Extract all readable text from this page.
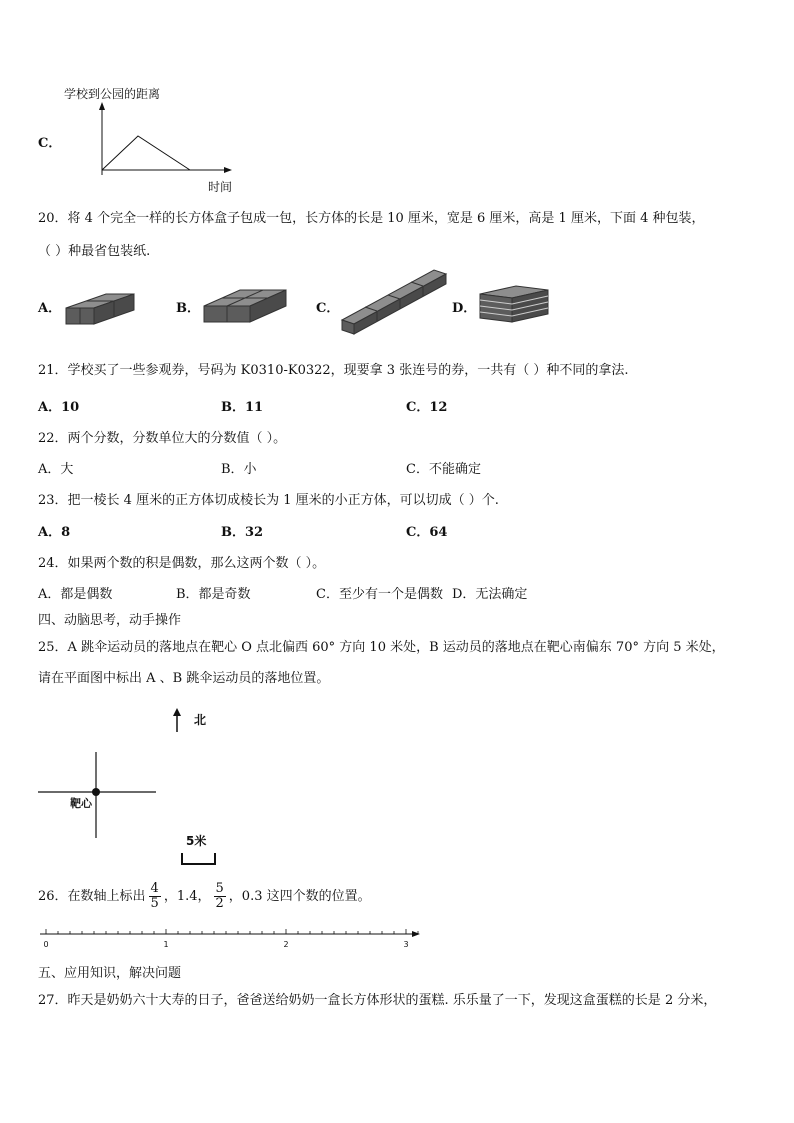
C．
学校到公园的距离
时间
20．将 4 个完全一样的长方体盒子包成一包，长方体的长是 10 厘米，宽是 6 厘米，高是 1 厘米，下面 4 种包装，
（ ）种最省包装纸.
A．	B．	C．	D．
21．学校买了一些参观券，号码为 K0310-K0322，现要拿 3 张连号的券，一共有（ ）种不同的拿法.
A．10	B．11	C．12
22．两个分数，分数单位大的分数值（ ）。
A．大	B．小	C．不能确定
23．把一棱长 4 厘米的正方体切成棱长为 1 厘米的小正方体，可以切成（ ）个.
A．8	B．32	C．64
24．如果两个数的积是偶数，那么这两个数（ ）。
A．都是偶数	B．都是奇数	C．至少有一个是偶数 D．无法确定
四、动脑思考，动手操作
25．A 跳伞运动员的落地点在靶心 O 点北偏西 60° 方向 10 米处，B 运动员的落地点在靶心南偏东 70° 方向 5 米处，
请在平面图中标出 A 、B 跳伞运动员的落地位置。
北
靶心
5米
26．在数轴上标出 $\frac{4}{5}$ ，1.4， $\frac{5}{2}$ ，0.3 这四个数的位置。
0	1	2	3
五、应用知识，解决问题
27．昨天是奶奶六十大寿的日子，爸爸送给奶奶一盒长方体形状的蛋糕. 乐乐量了一下，发现这盒蛋糕的长是 2 分米，
